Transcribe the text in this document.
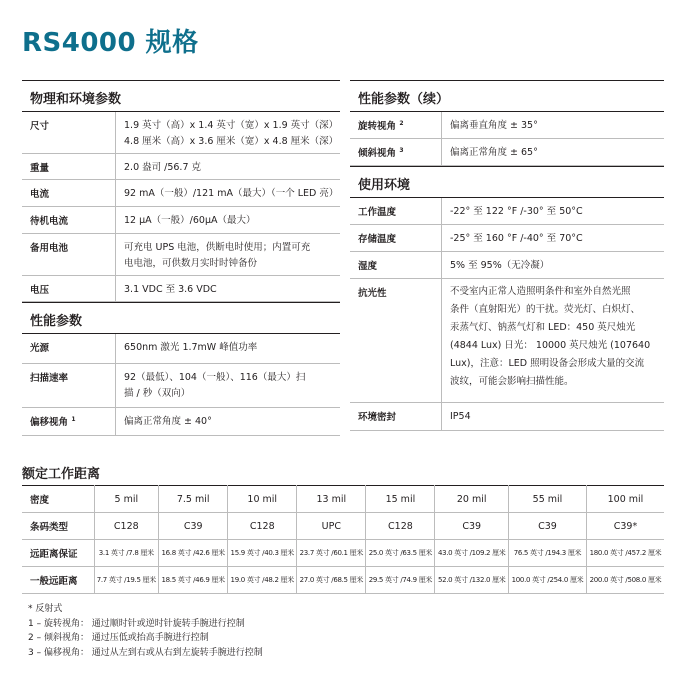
RS4000 规格
物理和环境参数
尺寸	1.9 英寸（高）x 1.4 英寸（宽）x 1.9 英寸（深）
4.8 厘米（高）x 3.6 厘米（宽）x 4.8 厘米（深）
重量	2.0 盎司 /56.7 克
电流	92 mA（一般）/121 mA（最大）（一个 LED 亮）
待机电流	12 µA（一般）/60µA（最大）
备用电池	可充电 UPS 电池，供断电时使用；内置可充
电电池，可供数月实时时钟备份
电压	3.1 VDC 至 3.6 VDC
性能参数
光源	650nm 激光 1.7mW 峰值功率
扫描速率	92（最低）、104（一般）、116（最大）扫
描 / 秒（双向）
偏移视角 $^1$	偏离正常角度 ± 40°
性能参数（续）
旋转视角 $^2$	偏离垂直角度 ± 35°
倾斜视角 $^3$	偏离正常角度 ± 65°
使用环境
工作温度	-22° 至 122 °F /-30° 至 50°C
存储温度	-25° 至 160 °F /-40° 至 70°C
湿度	5% 至 95%（无冷凝）
抗光性	不受室内正常人造照明条件和室外自然光照
条件（直射阳光）的干扰。荧光灯、白炽灯、
汞蒸气灯、钠蒸气灯和 LED：450 英尺烛光
(4844 Lux) 日光： 10000 英尺烛光 (107640
Lux)，注意：LED 照明设备会形成大量的交流
波纹，可能会影响扫描性能。
环境密封	IP54
额定工作距离
密度	5 mil	7.5 mil	10 mil	13 mil	15 mil	20 mil	55 mil	100 mil
条码类型	C128	C39	C128	UPC	C128	C39	C39	C39*
远距离保证	3.1 英寸 /7.8 厘米	16.8 英寸 /42.6 厘米	15.9 英寸 /40.3 厘米	23.7 英寸 /60.1 厘米	25.0 英寸 /63.5 厘米	43.0 英寸 /109.2 厘米	76.5 英寸 /194.3 厘米	180.0 英寸 /457.2 厘米
一般远距离	7.7 英寸 /19.5 厘米	18.5 英寸 /46.9 厘米	19.0 英寸 /48.2 厘米	27.0 英寸 /68.5 厘米	29.5 英寸 /74.9 厘米	52.0 英寸 /132.0 厘米	100.0 英寸 /254.0 厘米	200.0 英寸 /508.0 厘米
* 反射式
1 – 旋转视角： 通过顺时针或逆时针旋转手腕进行控制
2 – 倾斜视角： 通过压低或抬高手腕进行控制
3 – 偏移视角： 通过从左到右或从右到左旋转手腕进行控制
